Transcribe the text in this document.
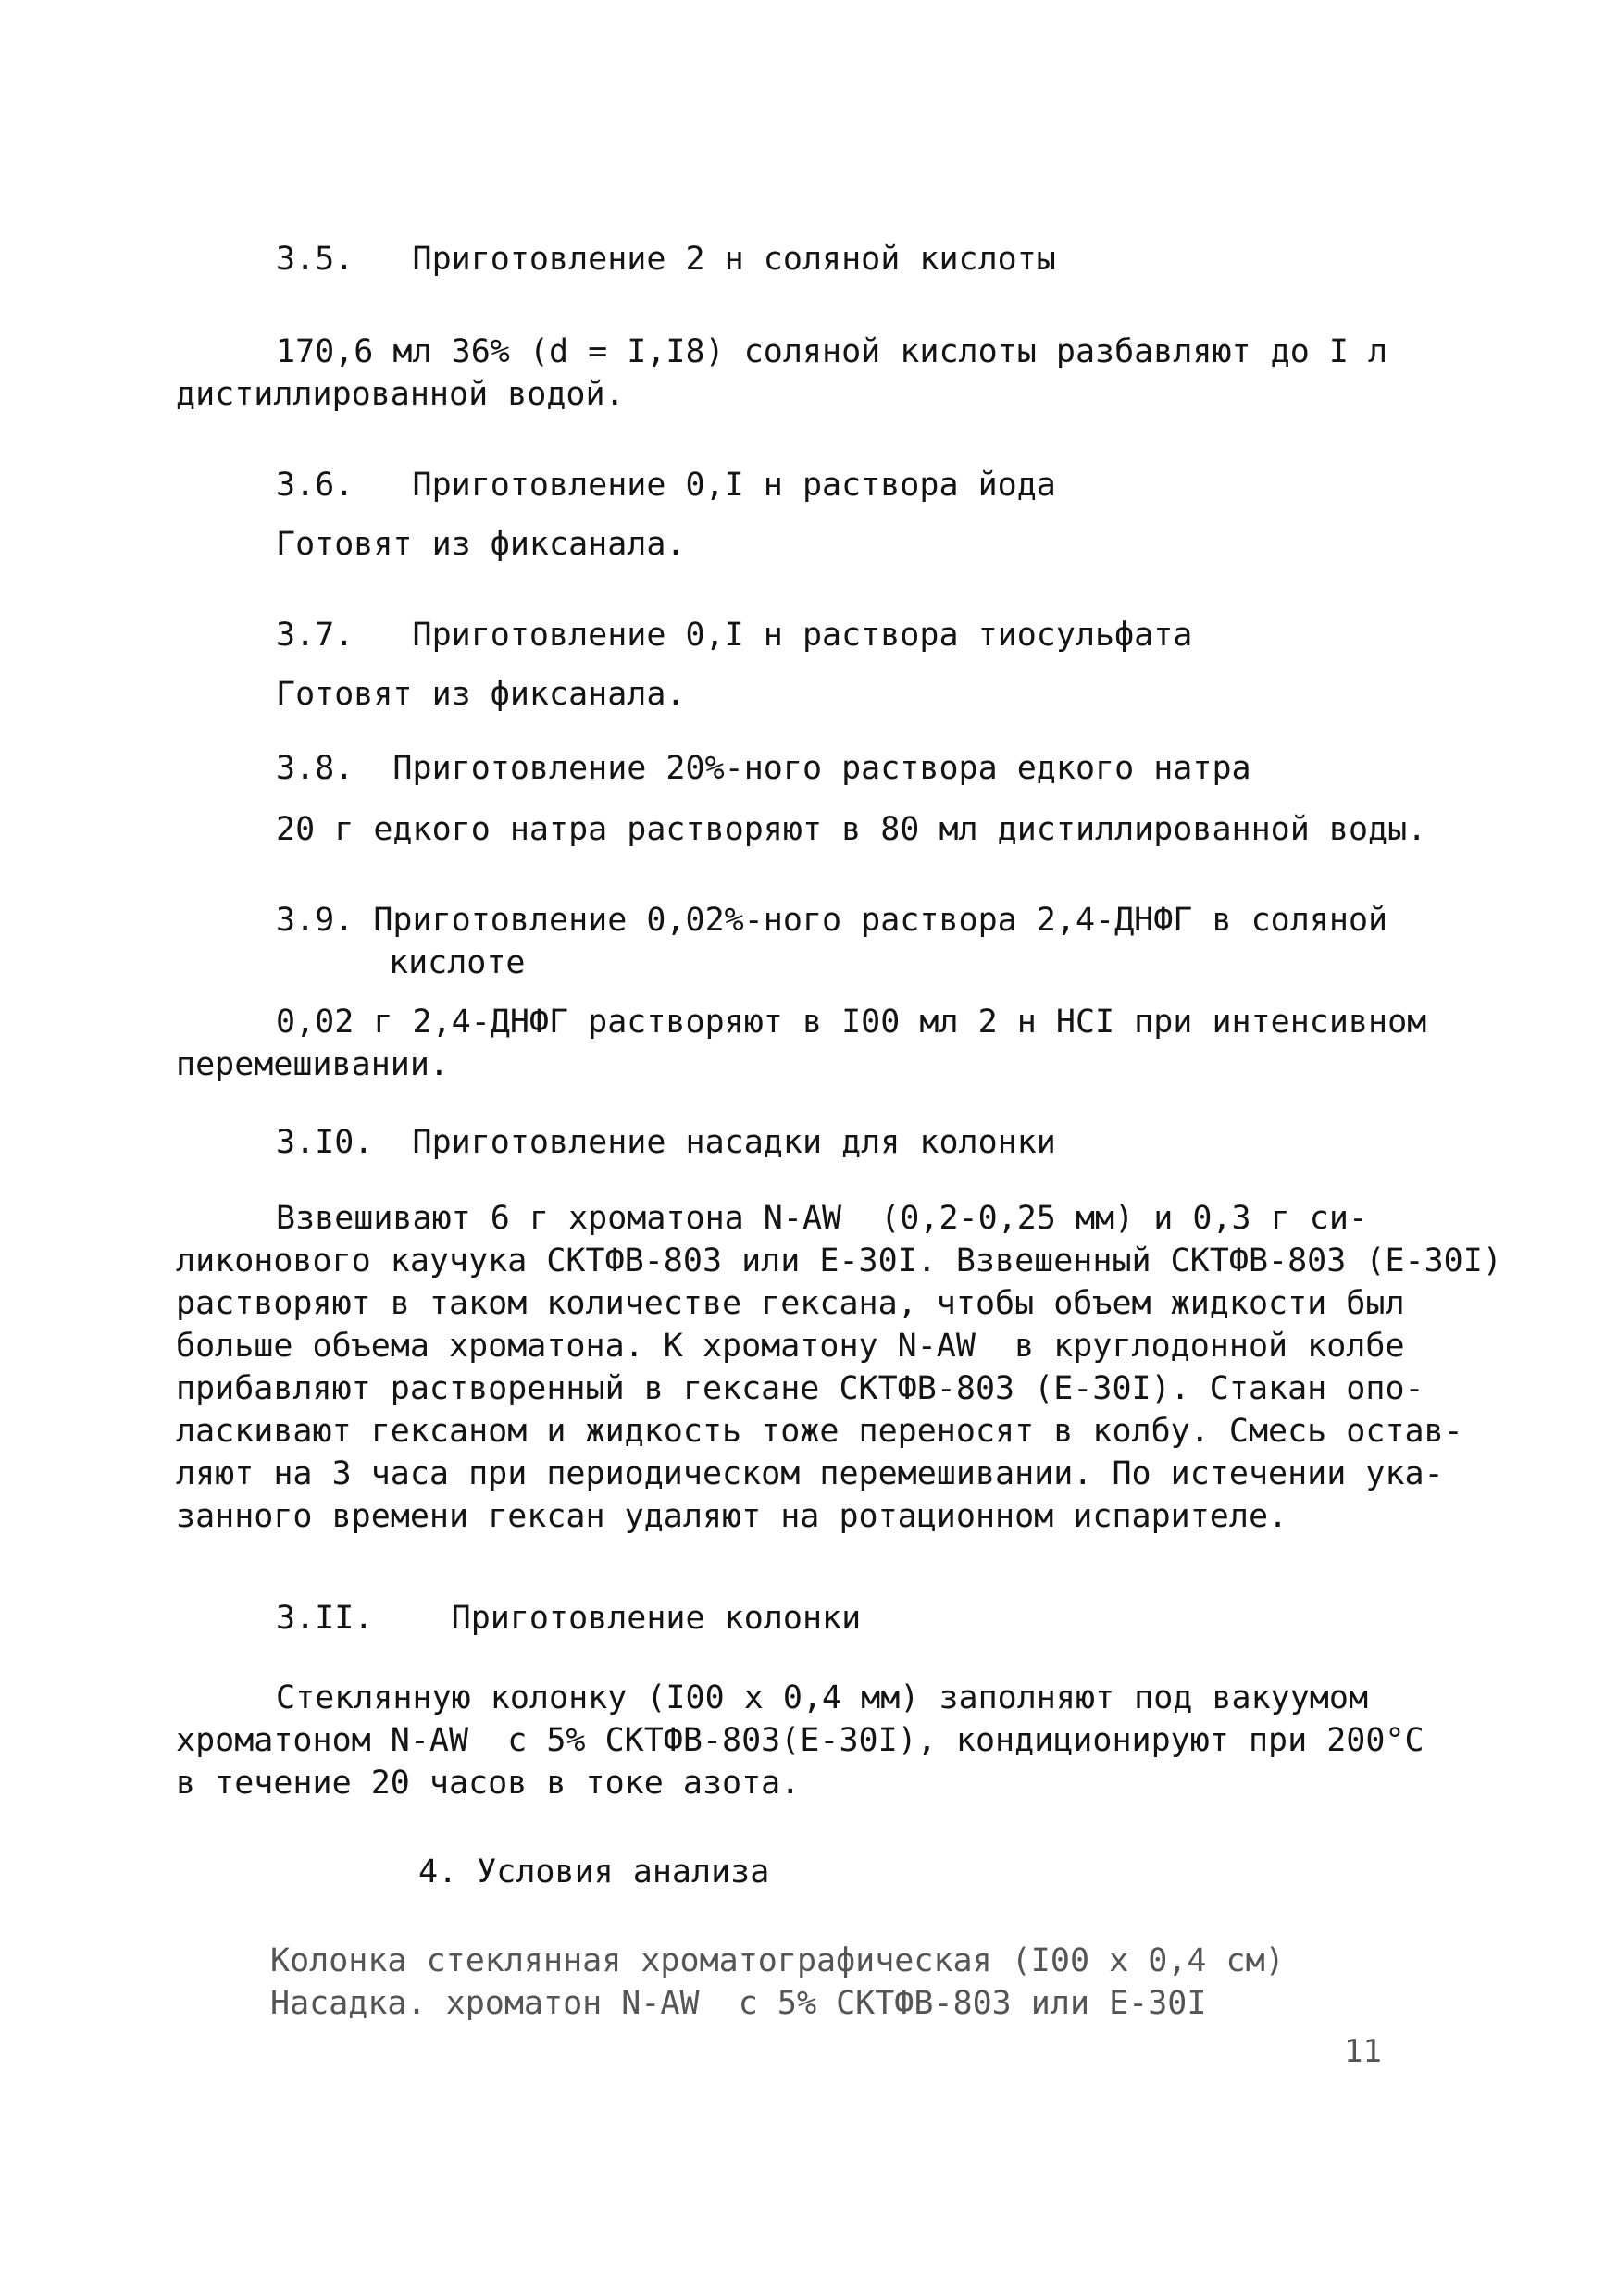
3.5.   Приготовление 2 н соляной кислоты
170,6 мл 36% (d = I,I8) соляной кислоты разбавляют до I л
дистиллированной водой.
3.6.   Приготовление 0,I н раствора йода
Готовят из фиксанала.
3.7.   Приготовление 0,I н раствора тиосульфата
Готовят из фиксанала.
3.8.  Приготовление 20%-ного раствора едкого натра
20 г едкого натра растворяют в 80 мл дистиллированной воды.
3.9. Приготовление 0,02%-ного раствора 2,4-ДНФГ в соляной
кислоте
0,02 г 2,4-ДНФГ растворяют в I00 мл 2 н НСI при интенсивном
перемешивании.
3.I0.  Приготовление насадки для колонки
Взвешивают 6 г хроматона N-AW  (0,2-0,25 мм) и 0,3 г си-
ликонового каучука СКТФВ-803 или Е-30I. Взвешенный СКТФВ-803 (Е-30I)
растворяют в таком количестве гексана, чтобы объем жидкости был
больше объема хроматона. К хроматону N-AW  в круглодонной колбе
прибавляют растворенный в гексане СКТФВ-803 (Е-30I). Стакан опо-
ласкивают гексаном и жидкость тоже переносят в колбу. Смесь остав-
ляют на 3 часа при периодическом перемешивании. По истечении ука-
занного времени гексан удаляют на ротационном испарителе.
3.II.    Приготовление колонки
Стеклянную колонку (I00 х 0,4 мм) заполняют под вакуумом
хроматоном N-AW  с 5% СКТФВ-803(Е-30I), кондиционируют при 200°С
в течение 20 часов в токе азота.
4. Условия анализа
Колонка стеклянная хроматографическая (I00 х 0,4 см)
Насадка. хроматон N-AW  с 5% СКТФВ-803 или Е-30I
11
